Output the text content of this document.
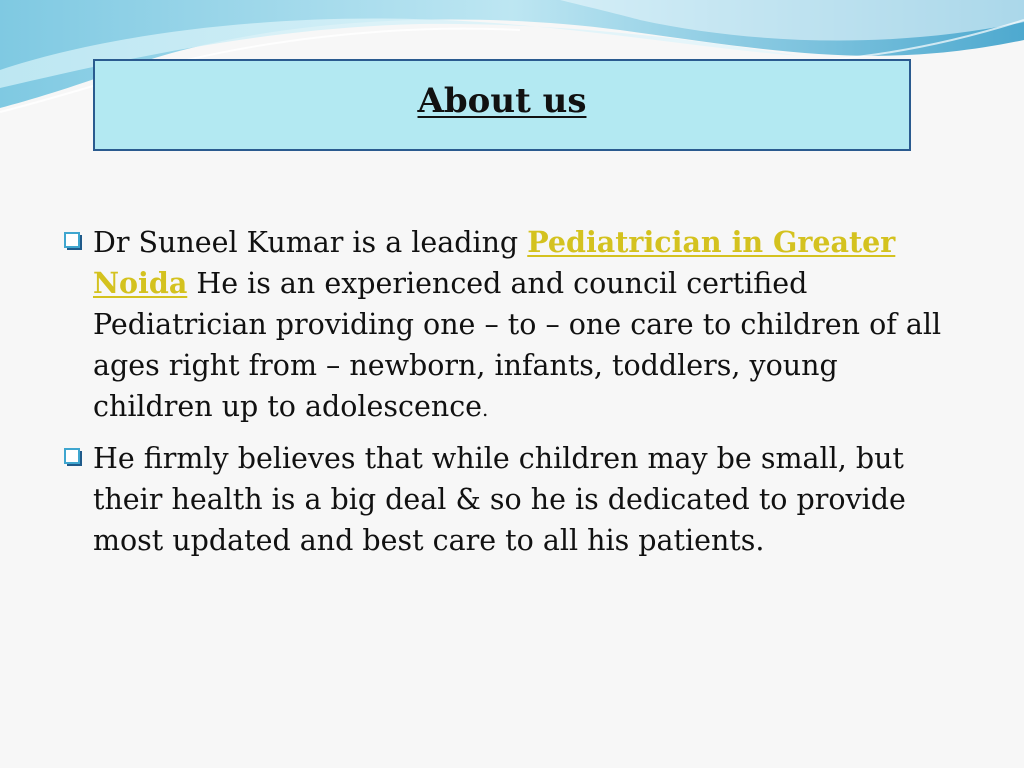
About us
Dr Suneel Kumar is a leading Pediatrician in Greater Noida He is an experienced and council certified Pediatrician providing one – to – one care to children of all ages right from – newborn, infants, toddlers, young children up to adolescence.
He firmly believes that while children may be small, but their health is a big deal & so he is dedicated to provide most updated and best care to all his patients.
